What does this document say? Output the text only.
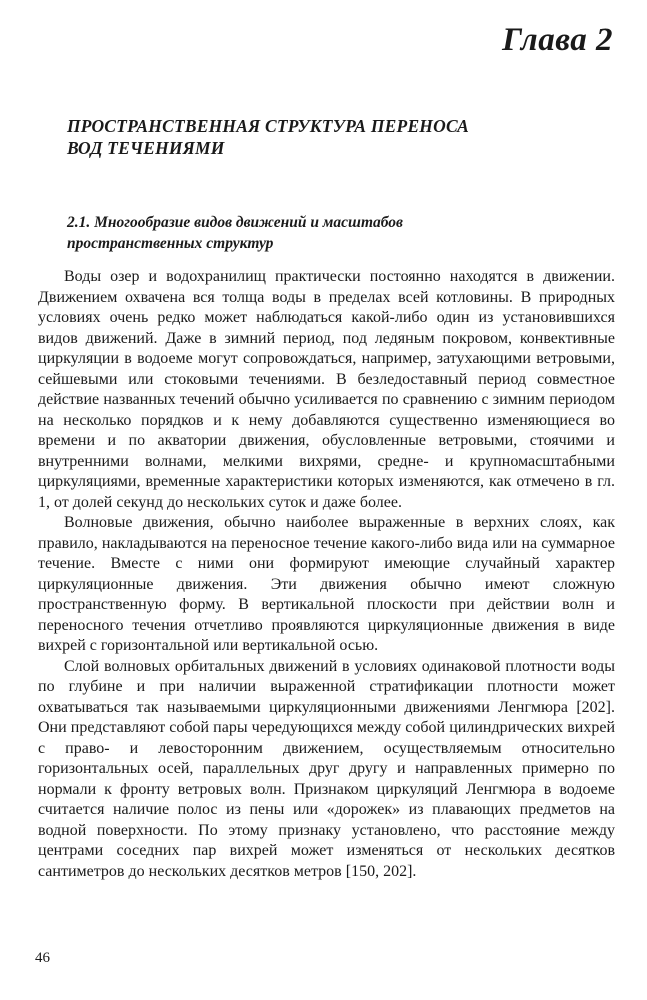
Глава 2
ПРОСТРАНСТВЕННАЯ СТРУКТУРА ПЕРЕНОСА
ВОД ТЕЧЕНИЯМИ
2.1. Многообразие видов движений и масштабов
пространственных структур

Воды озер и водохранилищ практически постоянно находятся в движении. Движением охвачена вся толща воды в пределах всей котловины. В природных условиях очень редко может наблюдаться какой-либо один из установившихся видов движений. Даже в зимний период, под ледяным покровом, конвективные циркуляции в водоеме могут сопровождаться, например, затухающими ветровыми, сейшевыми или стоковыми течениями. В безледоставный период совместное действие названных течений обычно усиливается по сравнению с зимним периодом на несколько порядков и к нему добавляются существенно изменяющиеся во времени и по акватории движения, обусловленные ветровыми, стоячими и внутренними волнами, мелкими вихрями, средне- и крупномасштабными циркуляциями, временные характеристики которых изменяются, как отмечено в гл. 1, от долей секунд до нескольких суток и даже более.

Волновые движения, обычно наиболее выраженные в верхних слоях, как правило, накладываются на переносное течение какого-либо вида или на суммарное течение. Вместе с ними они формируют имеющие случайный характер циркуляционные движения. Эти движения обычно имеют сложную пространственную форму. В вертикальной плоскости при действии волн и переносного течения отчетливо проявляются циркуляционные движения в виде вихрей с горизонтальной или вертикальной осью.

Слой волновых орбитальных движений в условиях одинаковой плотности воды по глубине и при наличии выраженной стратификации плотности может охватываться так называемыми циркуляционными движениями Ленгмюра [202]. Они представляют собой пары чередующихся между собой цилиндрических вихрей с право- и левосторонним движением, осуществляемым относительно горизонтальных осей, параллельных друг другу и направленных примерно по нормали к фронту ветровых волн. Признаком циркуляций Ленгмюра в водоеме считается наличие полос из пены или «дорожек» из плавающих предметов на водной поверхности. По этому признаку установлено, что расстояние между центрами соседних пар вихрей может изменяться от нескольких десятков сантиметров до нескольких десятков метров [150, 202].

46
